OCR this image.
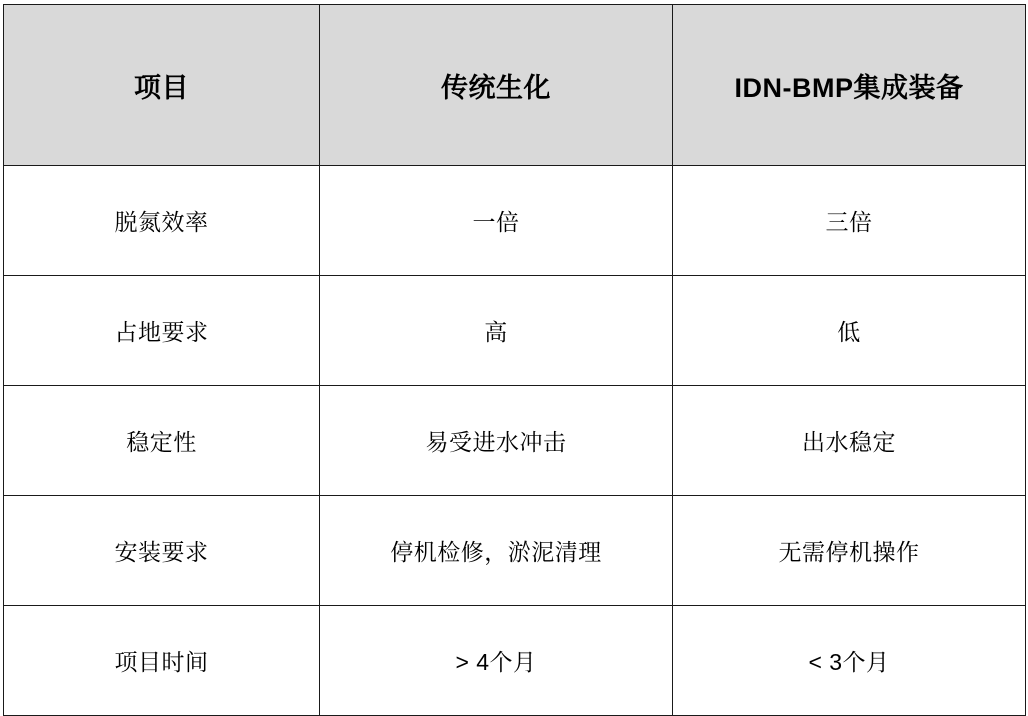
项目	传统生化	IDN-BMP集成装备
脱氮效率	一倍	三倍
占地要求	高	低
稳定性	易受进水冲击	出水稳定
安装要求	停机检修，淤泥清理	无需停机操作
项目时间	> 4个月	< 3个月
